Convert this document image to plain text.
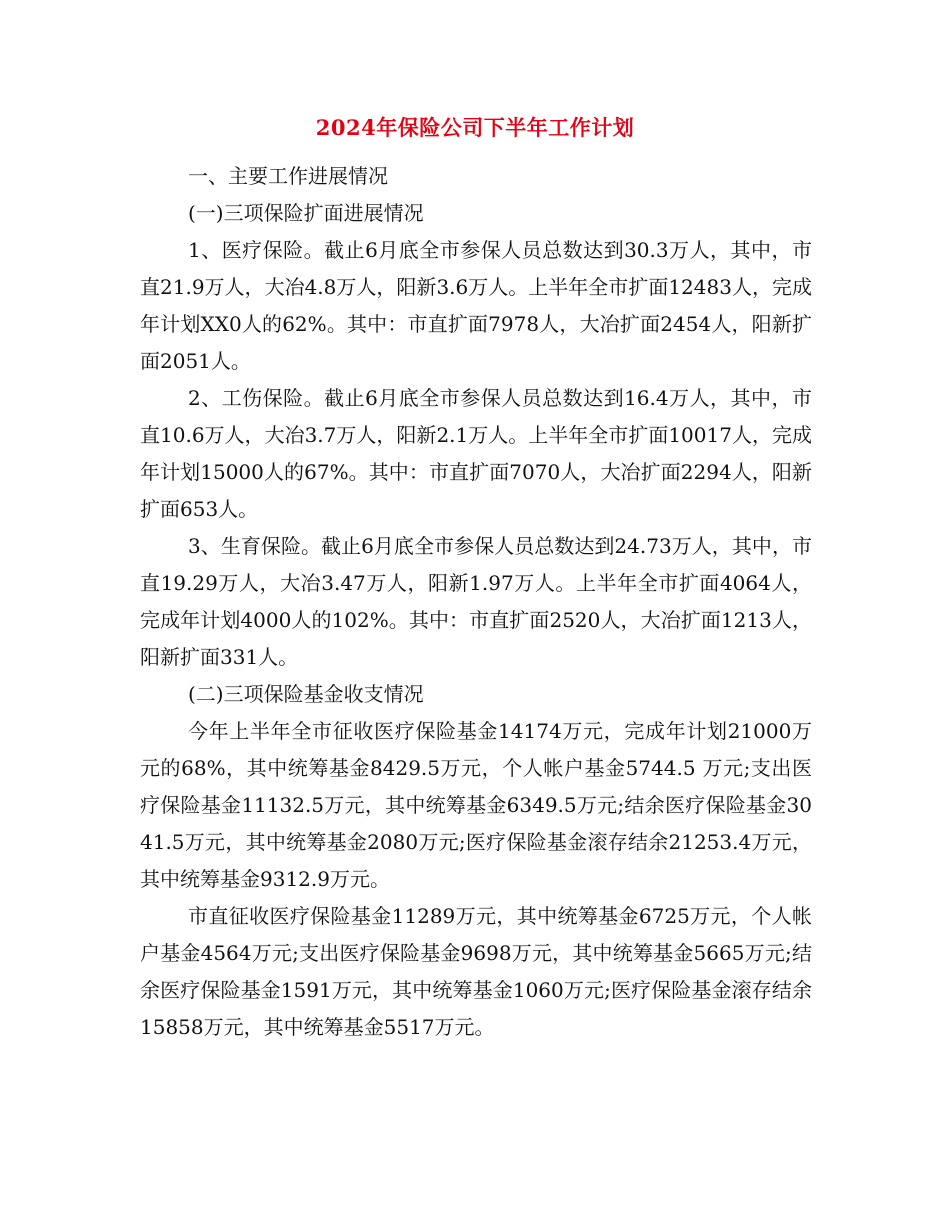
2024年保险公司下半年工作计划

一、主要工作进展情况

(一)三项保险扩面进展情况

1、医疗保险。截止6月底全市参保人员总数达到30.3万人，其中，市直21.9万人，大冶4.8万人，阳新3.6万人。上半年全市扩面12483人，完成年计划XX0人的62%。其中：市直扩面7978人，大冶扩面2454人，阳新扩面2051人。

2、工伤保险。截止6月底全市参保人员总数达到16.4万人，其中，市直10.6万人，大冶3.7万人，阳新2.1万人。上半年全市扩面10017人，完成年计划15000人的67%。其中：市直扩面7070人，大冶扩面2294人，阳新扩面653人。

3、生育保险。截止6月底全市参保人员总数达到24.73万人，其中，市直19.29万人，大冶3.47万人，阳新1.97万人。上半年全市扩面4064人，完成年计划4000人的102%。其中：市直扩面2520人，大冶扩面1213人，阳新扩面331人。

(二)三项保险基金收支情况

今年上半年全市征收医疗保险基金14174万元，完成年计划21000万元的68%，其中统筹基金8429.5万元，个人帐户基金5744.5 万元;支出医疗保险基金11132.5万元，其中统筹基金6349.5万元;结余医疗保险基金3041.5万元，其中统筹基金2080万元;医疗保险基金滚存结余21253.4万元，其中统筹基金9312.9万元。

市直征收医疗保险基金11289万元，其中统筹基金6725万元，个人帐户基金4564万元;支出医疗保险基金9698万元，其中统筹基金5665万元;结余医疗保险基金1591万元，其中统筹基金1060万元;医疗保险基金滚存结余15858万元，其中统筹基金5517万元。
